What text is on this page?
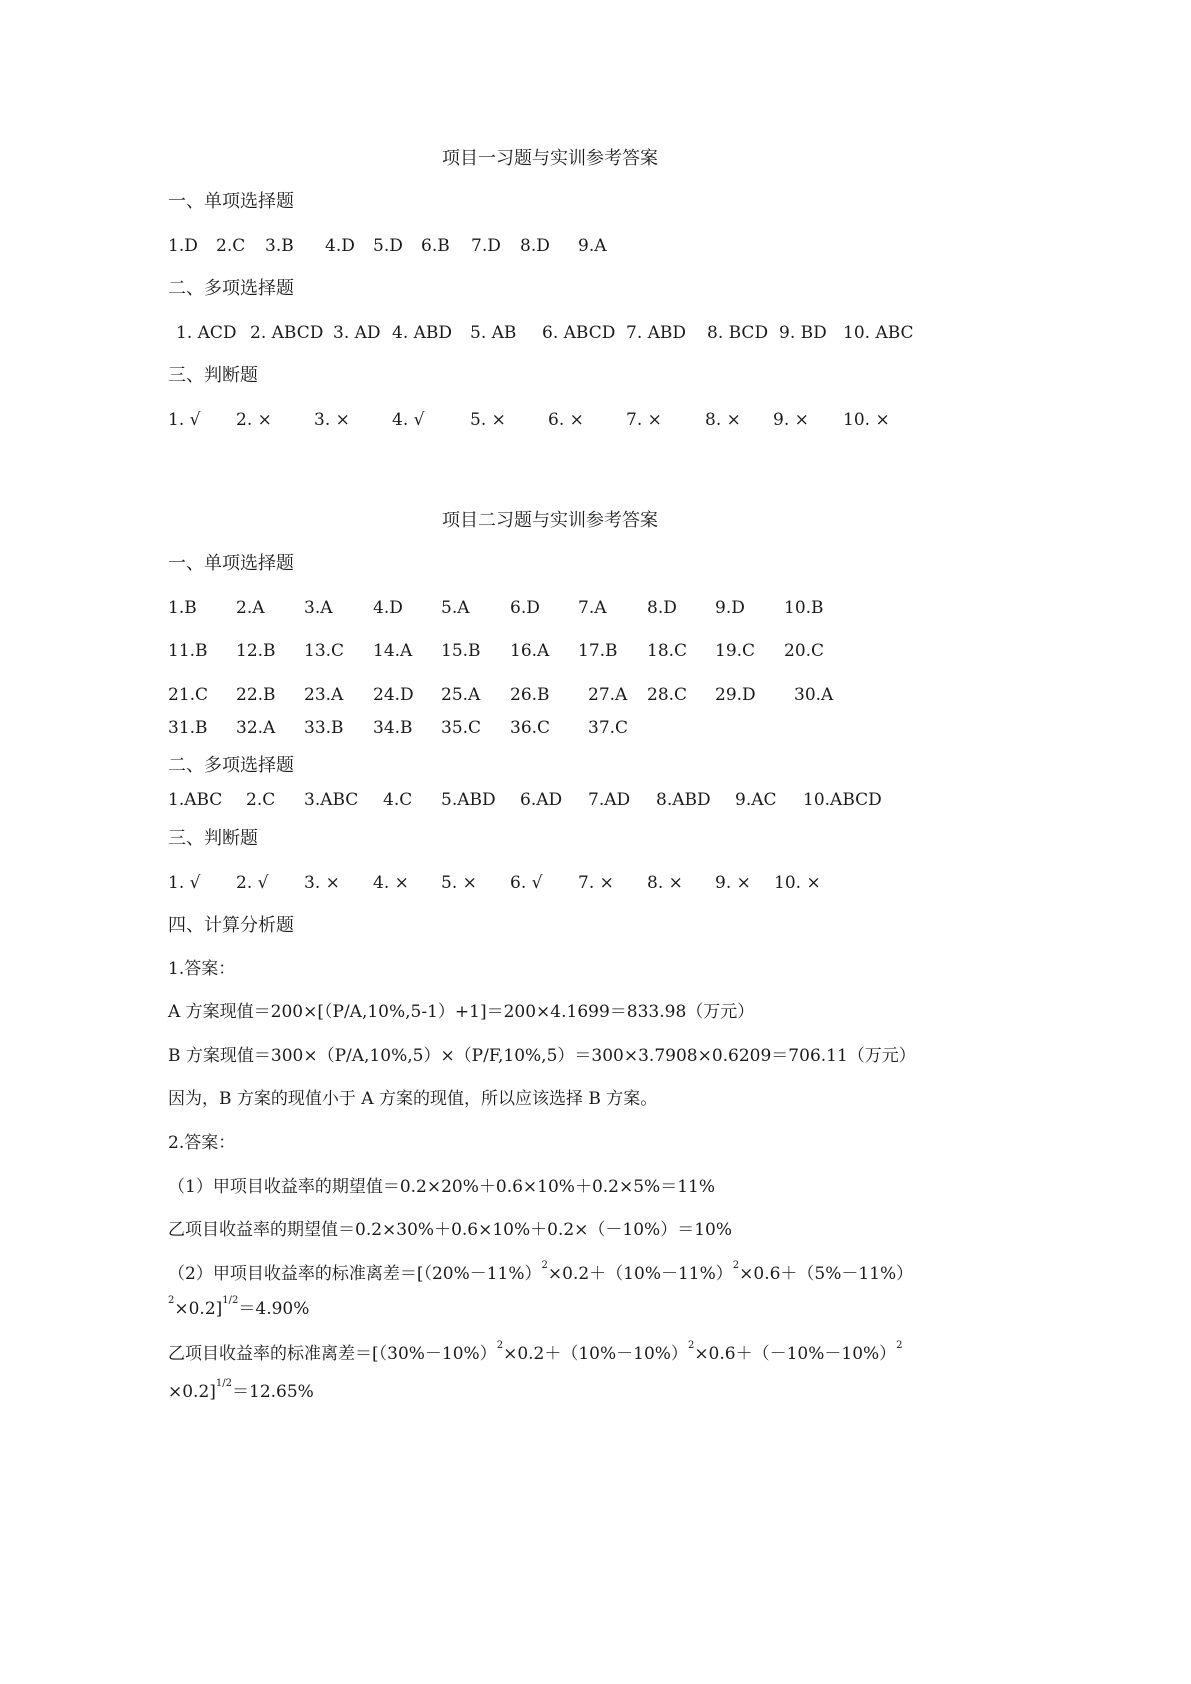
项目一习题与实训参考答案
一、单项选择题
1.D 2.C 3.B 4.D 5.D 6.B 7.D 8.D 9.A
二、多项选择题
1. ACD 2. ABCD 3. AD 4. ABD 5. AB 6. ABCD 7. ABD 8. BCD 9. BD 10. ABC
三、判断题
1. √ 2. × 3. × 4. √	5. × 6. × 7. ×	8. × 9. × 10. ×
项目二习题与实训参考答案
一、单项选择题
1.B 2.A 3.A 4.D 5.A 6.D 7.A 8.D 9.D 10.B
11.B 12.B 13.C 14.A 15.B 16.A 17.B 18.C 19.C 20.C
21.C 22.B 23.A 24.D 25.A 26.B 27.A 28.C 29.D 30.A
31.B 32.A 33.B 34.B 35.C 36.C 37.C
二、多项选择题
1.ABC 2.C 3.ABC 4.C 5.ABD 6.AD 7.AD 8.ABD 9.AC 10.ABCD
三、判断题
1. √ 2. √ 3. × 4. × 5. × 6. √ 7. × 8. × 9. × 10. ×
四、计算分析题
1.答案：
A 方案现值＝200×[（P/A,10%,5-1）+1]＝200×4.1699＝833.98（万元）
B 方案现值＝300×（P/A,10%,5）×（P/F,10%,5）＝300×3.7908×0.6209＝706.11（万元）
因为，B 方案的现值小于 A 方案的现值，所以应该选择 B 方案。
2.答案：
（1）甲项目收益率的期望值＝0.2×20%＋0.6×10%＋0.2×5%＝11%
乙项目收益率的期望值＝0.2×30%＋0.6×10%＋0.2×（－10%）＝10%
（2）甲项目收益率的标准离差$=[(20\%-11\%)^2\times 0.2+(10\%-11\%)^2\times 0.6+(5\%-11\%)$
$^2$×0.2]$^{1/2}$＝4.90%
乙项目收益率的标准离差$=[(30\%-10\%)^2\times 0.2+(10\%-10\%)^2\times 0.6+(-10\%-10\%)^2$
×0.2]$^{1/2}$＝12.65%
